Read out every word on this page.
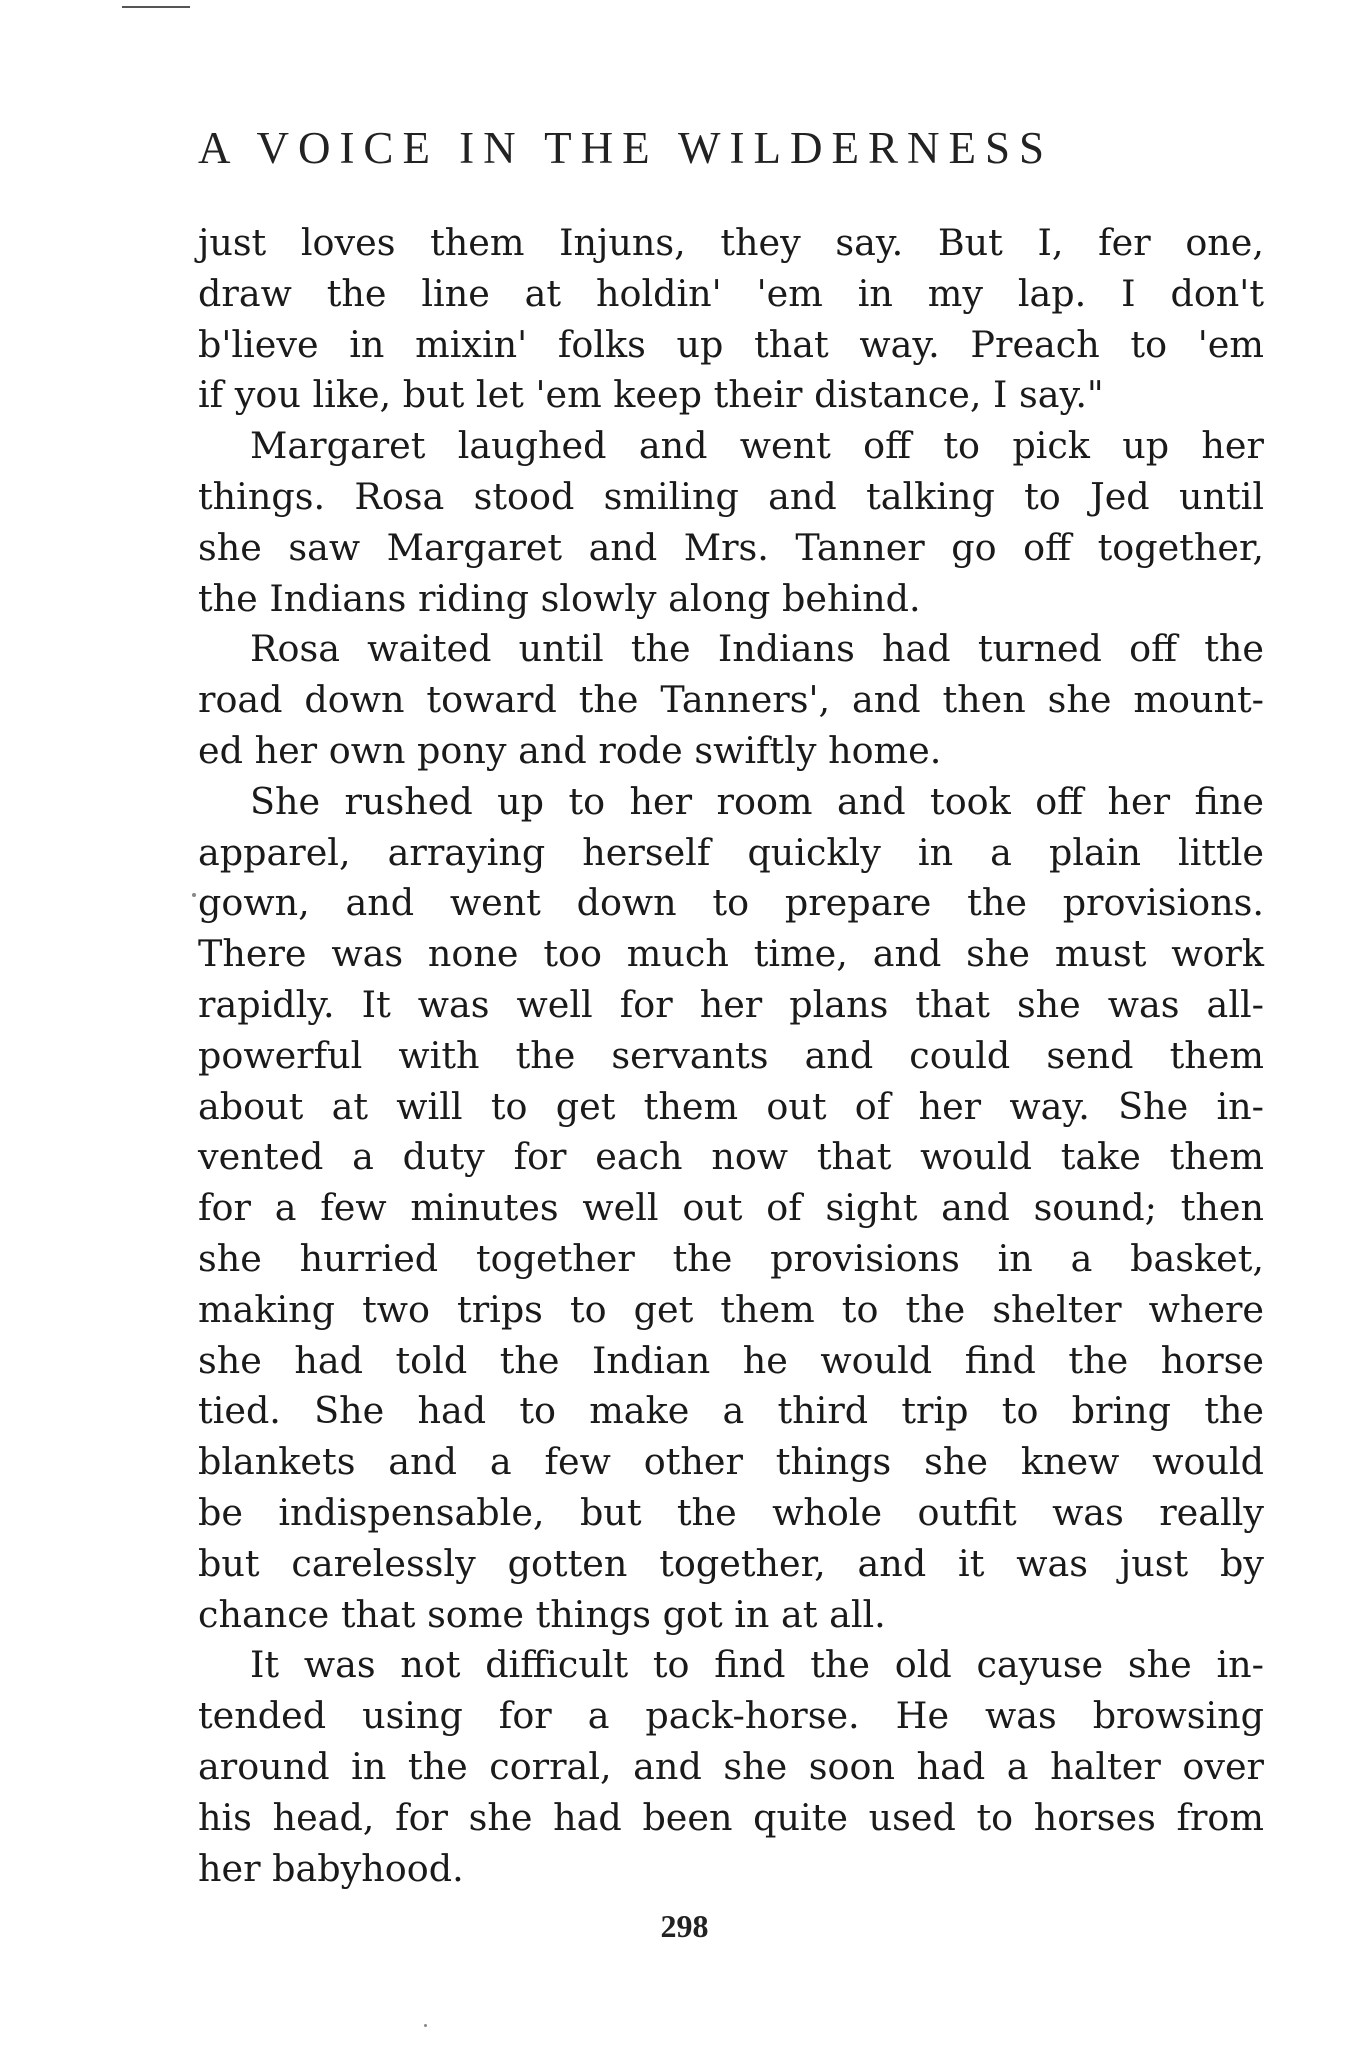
A VOICE IN THE WILDERNESS
just loves them Injuns, they say. But I, fer one,
draw the line at holdin' 'em in my lap. I don't
b'lieve in mixin' folks up that way. Preach to 'em
if you like, but let 'em keep their distance, I say."
Margaret laughed and went off to pick up her
things. Rosa stood smiling and talking to Jed until
she saw Margaret and Mrs. Tanner go off together,
the Indians riding slowly along behind.
Rosa waited until the Indians had turned off the
road down toward the Tanners', and then she mount-
ed her own pony and rode swiftly home.
She rushed up to her room and took off her fine
apparel, arraying herself quickly in a plain little
gown, and went down to prepare the provisions.
There was none too much time, and she must work
rapidly. It was well for her plans that she was all-
powerful with the servants and could send them
about at will to get them out of her way. She in-
vented a duty for each now that would take them
for a few minutes well out of sight and sound; then
she hurried together the provisions in a basket,
making two trips to get them to the shelter where
she had told the Indian he would find the horse
tied. She had to make a third trip to bring the
blankets and a few other things she knew would
be indispensable, but the whole outfit was really
but carelessly gotten together, and it was just by
chance that some things got in at all.
It was not difficult to find the old cayuse she in-
tended using for a pack-horse. He was browsing
around in the corral, and she soon had a halter over
his head, for she had been quite used to horses from
her babyhood.
298
